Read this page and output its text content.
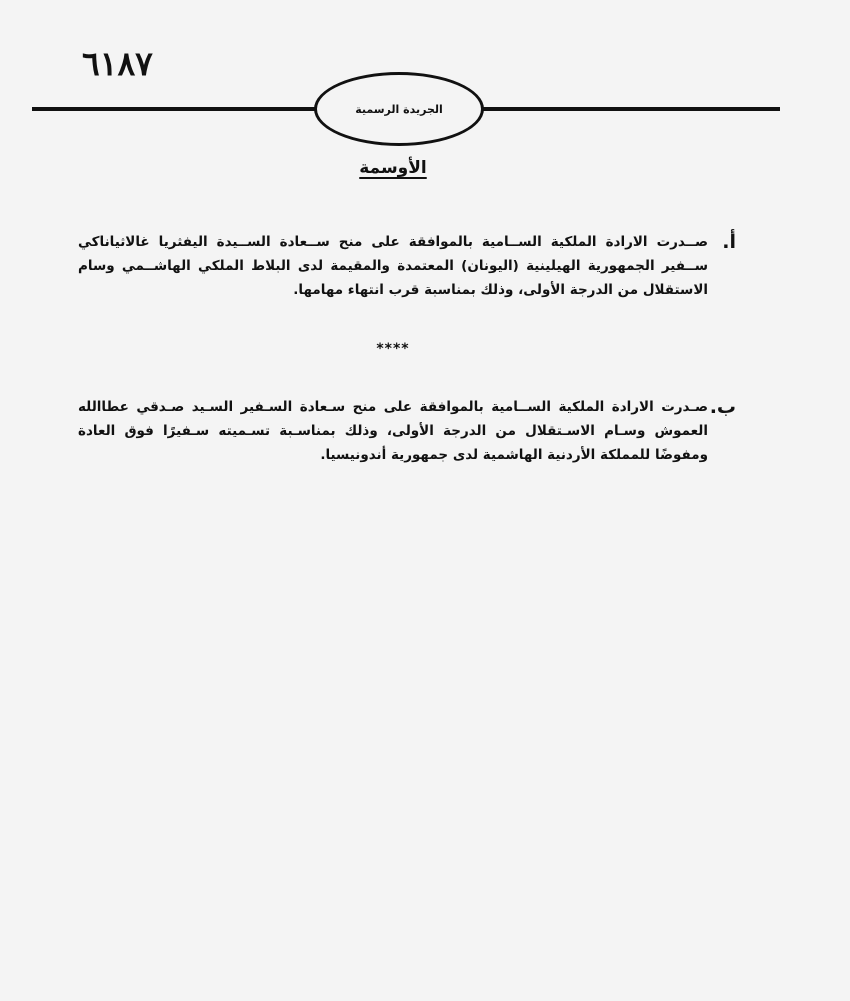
٦١٨٧
الجريدة الرسمية
الأوسمة
أ.
صــدرت الارادة الملكية الســامية بالموافقة على منح ســعادة الســيدة اليفثريا غالاثياناكي ســفير الجمهورية الهيلينية (اليونان) المعتمدة والمقيمة لدى البلاط الملكي الهاشــمي وسام الاستقلال من الدرجة الأولى، وذلك بمناسبة قرب انتهاء مهامها.
****
ب.
صـدرت الارادة الملكية الســامية بالموافقة على منح سـعادة السـفير السـيد صـدقي عطاالله العموش وسـام الاسـتقلال من الدرجة الأولى، وذلك بمناسـبة تسـميته سـفيرًا فوق العادة ومفوضًا للمملكة الأردنية الهاشمية لدى جمهورية أندونيسيا.
